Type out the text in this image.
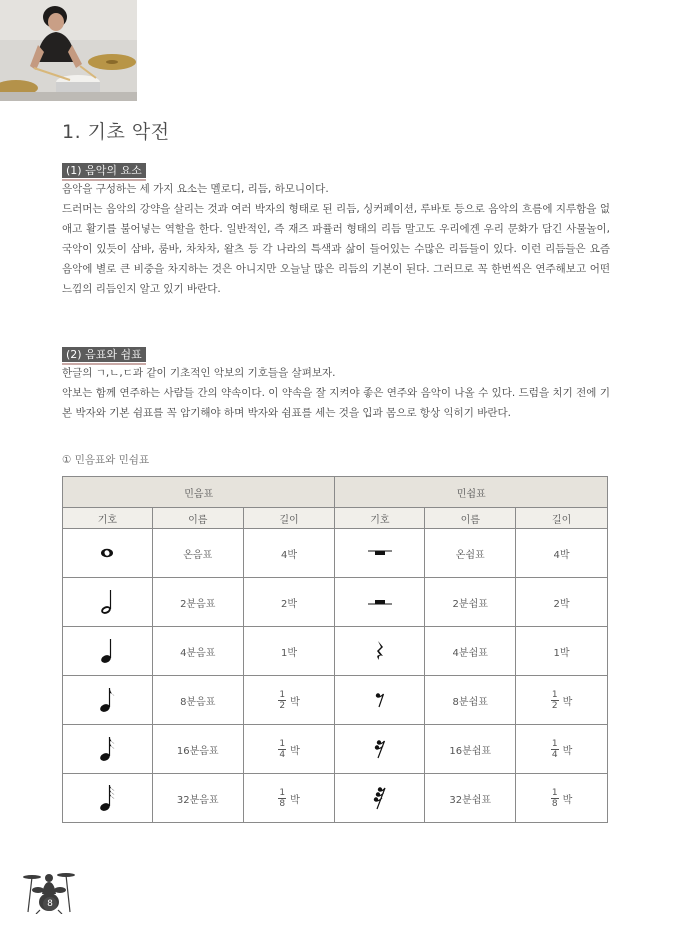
1. 기초 악전
(1) 음악의 요소

음악을 구성하는 세 가지 요소는 멜로디, 리듬, 하모니이다.

드러머는 음악의 강약을 살리는 것과 여러 박자의 형태로 된 리듬, 싱커페이션, 루바토 등으로 음악의 흐름에 지루함을 없애고 활기를 불어넣는 역할을 한다. 일반적인, 즉 재즈 파퓰러 형태의 리듬 말고도 우리에겐 우리 문화가 담긴 사물놀이, 국악이 있듯이 삼바, 룸바, 차차차, 왈츠 등 각 나라의 특색과 삶이 들어있는 수많은 리듬들이 있다. 이런 리듬들은 요즘 음악에 별로 큰 비중을 차지하는 것은 아니지만 오늘날 많은 리듬의 기본이 된다. 그러므로 꼭 한번씩은 연주해보고 어떤 느낌의 리듬인지 알고 있기 바란다.

(2) 음표와 쉼표

한글의 ㄱ,ㄴ,ㄷ과 같이 기초적인 악보의 기호들을 살펴보자.

악보는 함께 연주하는 사람들 간의 약속이다. 이 약속을 잘 지켜야 좋은 연주와 음악이 나올 수 있다. 드럼을 치기 전에 기본 박자와 기본 쉼표를 꼭 암기해야 하며 박자와 쉼표를 세는 것을 입과 몸으로 항상 익히기 바란다.

① 민음표와 민쉼표
민음표			민쉼표		
기호	이름	길이	기호	이름	길이
	온음표	4박		온쉼표	4박
	2분음표	2박		2분쉼표	2박
	4분음표	1박		4분쉼표	1박
	8분음표	$\frac{1}{2}$ 박		8분쉼표	$\frac{1}{2}$ 박
	16분음표	$\frac{1}{4}$ 박		16분쉼표	$\frac{1}{4}$ 박
	32분음표	$\frac{1}{8}$ 박		32분쉼표	$\frac{1}{8}$ 박
8
